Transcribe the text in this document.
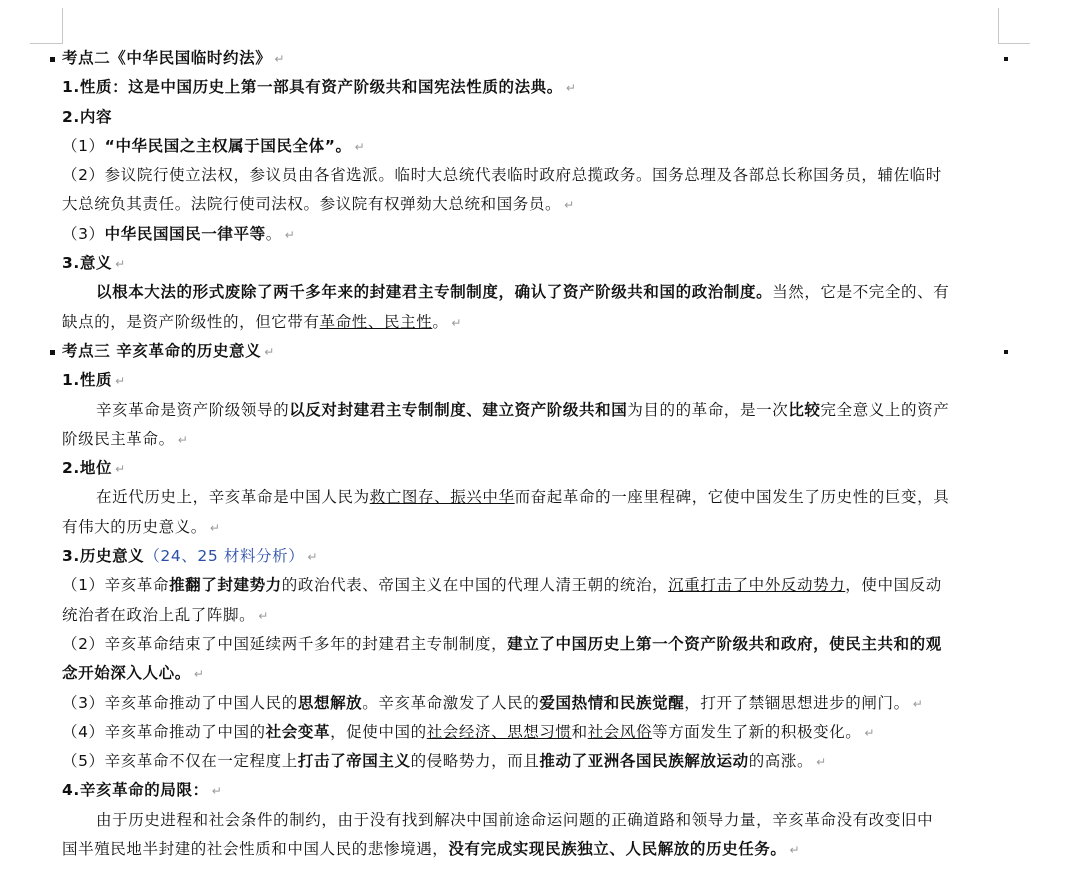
考点二《中华民国临时约法》 ↵
1.性质：这是中国历史上第一部具有资产阶级共和国宪法性质的法典。 ↵
2.内容
（1）“中华民国之主权属于国民全体”。 ↵
（2）参议院行使立法权，参议员由各省选派。临时大总统代表临时政府总揽政务。国务总理及各部总长称国务员，辅佐临时
大总统负其责任。法院行使司法权。参议院有权弹劾大总统和国务员。 ↵
（3）中华民国国民一律平等。 ↵
3.意义 ↵
以根本大法的形式废除了两千多年来的封建君主专制制度，确认了资产阶级共和国的政治制度。当然，它是不完全的、有
缺点的，是资产阶级性的，但它带有革命性、民主性。 ↵
考点三 辛亥革命的历史意义 ↵
1.性质 ↵
辛亥革命是资产阶级领导的以反对封建君主专制制度、建立资产阶级共和国为目的的革命，是一次比较完全意义上的资产
阶级民主革命。 ↵
2.地位 ↵
在近代历史上，辛亥革命是中国人民为救亡图存、振兴中华而奋起革命的一座里程碑，它使中国发生了历史性的巨变，具
有伟大的历史意义。 ↵
3.历史意义（24、25 材料分析） ↵
（1）辛亥革命推翻了封建势力的政治代表、帝国主义在中国的代理人清王朝的统治，沉重打击了中外反动势力，使中国反动
统治者在政治上乱了阵脚。 ↵
（2）辛亥革命结束了中国延续两千多年的封建君主专制制度，建立了中国历史上第一个资产阶级共和政府，使民主共和的观
念开始深入人心。 ↵
（3）辛亥革命推动了中国人民的思想解放。辛亥革命激发了人民的爱国热情和民族觉醒，打开了禁锢思想进步的闸门。 ↵
（4）辛亥革命推动了中国的社会变革，促使中国的社会经济、思想习惯和社会风俗等方面发生了新的积极变化。 ↵
（5）辛亥革命不仅在一定程度上打击了帝国主义的侵略势力，而且推动了亚洲各国民族解放运动的高涨。 ↵
4.辛亥革命的局限： ↵
由于历史进程和社会条件的制约，由于没有找到解决中国前途命运问题的正确道路和领导力量，辛亥革命没有改变旧中
国半殖民地半封建的社会性质和中国人民的悲惨境遇，没有完成实现民族独立、人民解放的历史任务。 ↵
